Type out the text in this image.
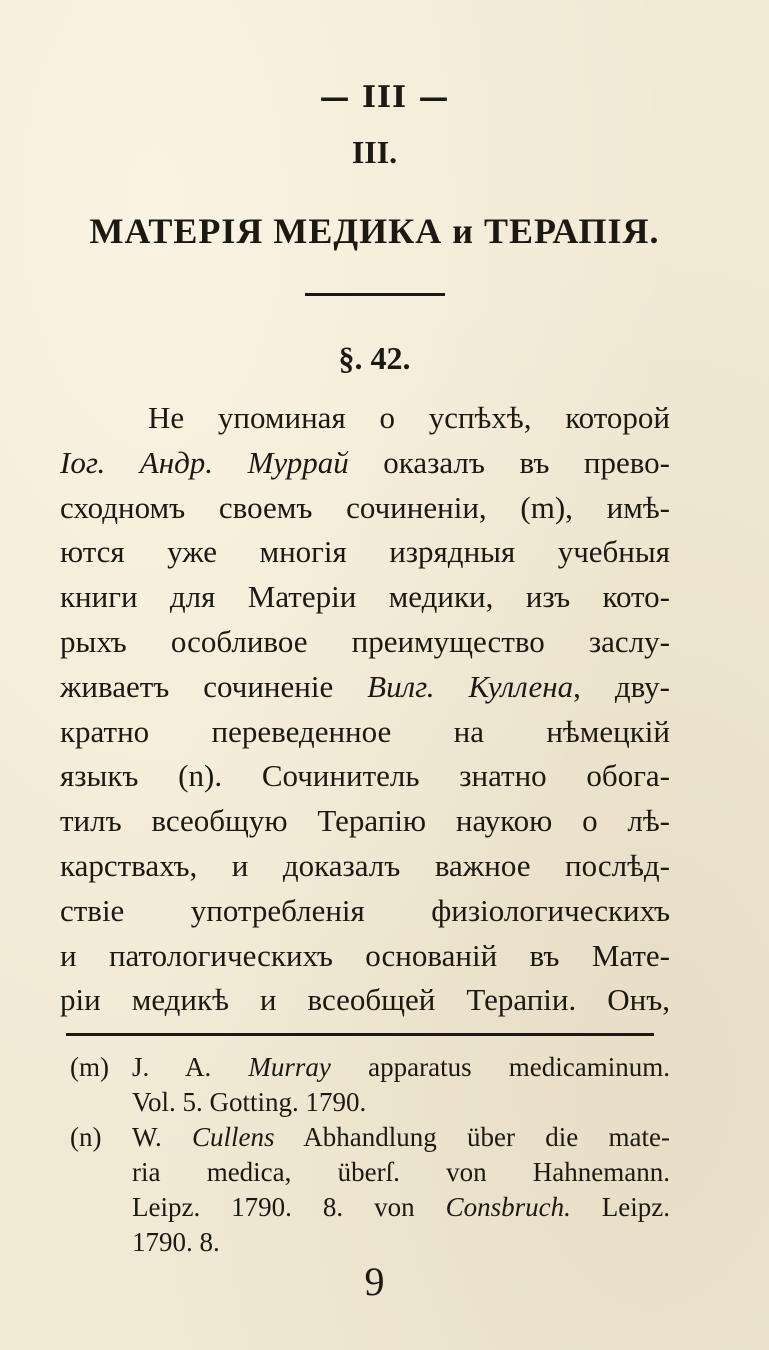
— III —
III.
МАТЕРІЯ МЕДИКА и ТЕРАПІЯ.
§. 42.
Не упоминая о успѣхѣ, которой
Іог. Андр. Муррай оказалъ въ прево-
сходномъ своемъ сочиненіи, (m), имѣ-
ются уже многія изрядныя учебныя
книги для Матеріи медики, изъ кото-
рыхъ особливое преимущество заслу-
живаетъ сочиненіе Вилг. Куллена, дву-
кратно переведенное на нѣмецкій
языкъ (n). Сочинитель знатно обога-
тилъ всеобщую Терапію наукою о лѣ-
карствахъ, и доказалъ важное послѣд-
ствіе употребленія физіологическихъ
и патологическихъ основаній въ Мате-
ріи медикѣ и всеобщей Терапіи. Онъ,
(m) J. A. Murray apparatus medicaminum.
Vol. 5. Gotting. 1790.
(n)	W. Cullens Abhandlung über die mate-
ria medica, überſ. von Hahnemann.
Leipz. 1790. 8. von Consbruch. Leipz.
1790. 8.
9
